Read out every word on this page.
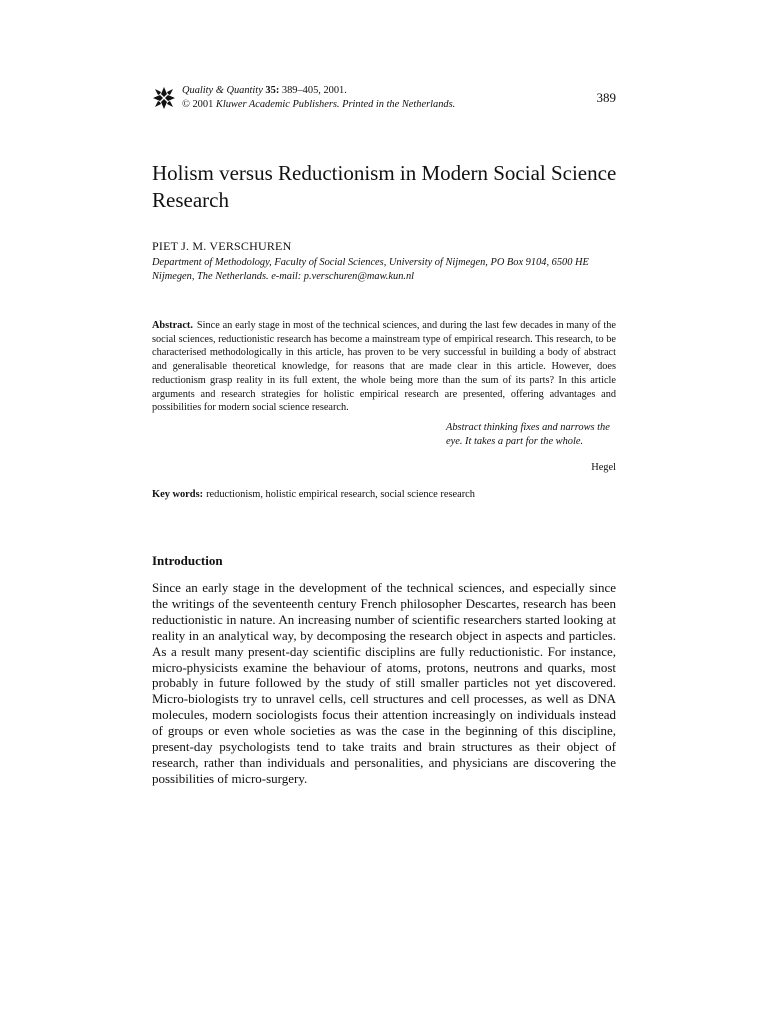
Quality & Quantity 35: 389–405, 2001.
© 2001 Kluwer Academic Publishers. Printed in the Netherlands.	389
Holism versus Reductionism in Modern Social Science Research
PIET J. M. VERSCHUREN
Department of Methodology, Faculty of Social Sciences, University of Nijmegen, PO Box 9104, 6500 HE Nijmegen, The Netherlands. e-mail: p.verschuren@maw.kun.nl

Abstract. Since an early stage in most of the technical sciences, and during the last few decades in many of the social sciences, reductionistic research has become a mainstream type of empirical research. This research, to be characterised methodologically in this article, has proven to be very successful in building a body of abstract and generalisable theoretical knowledge, for reasons that are made clear in this article. However, does reductionism grasp reality in its full extent, the whole being more than the sum of its parts? In this article arguments and research strategies for holistic empirical research are presented, offering advantages and possibilities for modern social science research.

Abstract thinking fixes and narrows the eye. It takes a part for the whole.
Hegel
Key words: reductionism, holistic empirical research, social science research
Introduction

Since an early stage in the development of the technical sciences, and especially since the writings of the seventeenth century French philosopher Descartes, research has been reductionistic in nature. An increasing number of scientific researchers started looking at reality in an analytical way, by decomposing the research object in aspects and particles. As a result many present-day scientific disciplins are fully reductionistic. For instance, micro-physicists examine the behaviour of atoms, protons, neutrons and quarks, most probably in future followed by the study of still smaller particles not yet discovered. Micro-biologists try to unravel cells, cell structures and cell processes, as well as DNA molecules, modern sociologists focus their attention increasingly on individuals instead of groups or even whole societies as was the case in the beginning of this discipline, present-day psychologists tend to take traits and brain structures as their object of research, rather than individuals and personalities, and physicians are discovering the possibilities of micro-surgery.
